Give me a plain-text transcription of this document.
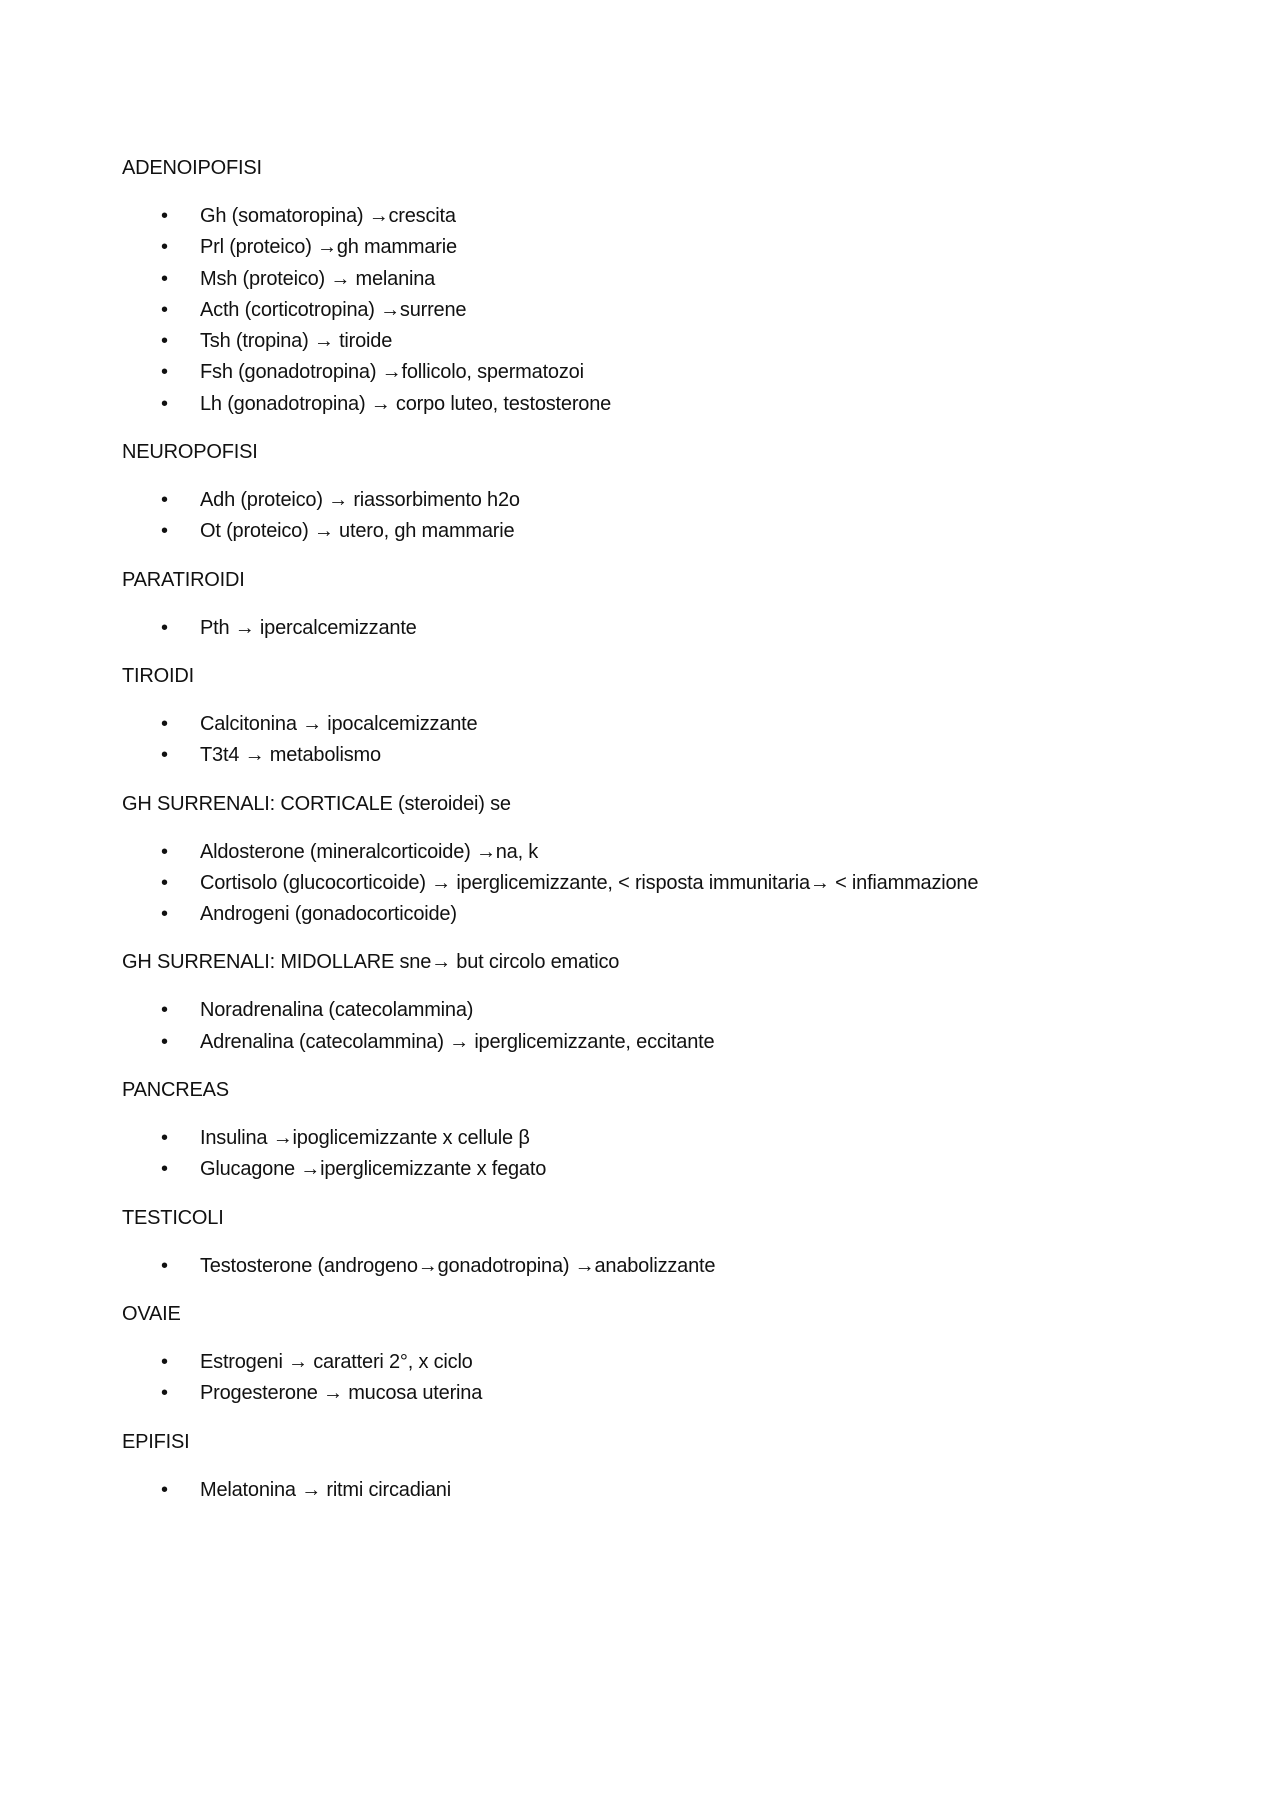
ADENOIPOFISI

• Gh (somatoropina) →crescita
• Prl (proteico) →gh mammarie
• Msh (proteico) → melanina
• Acth (corticotropina) →surrene
• Tsh (tropina) → tiroide
• Fsh (gonadotropina) →follicolo, spermatozoi
• Lh (gonadotropina) → corpo luteo, testosterone

NEUROPOFISI

• Adh (proteico) → riassorbimento h2o
• Ot (proteico) → utero, gh mammarie

PARATIROIDI

• Pth → ipercalcemizzante

TIROIDI

• Calcitonina → ipocalcemizzante
• T3t4 → metabolismo

GH SURRENALI: CORTICALE (steroidei) se

• Aldosterone (mineralcorticoide) →na, k
• Cortisolo (glucocorticoide) → iperglicemizzante, < risposta immunitaria→ < infiammazione
• Androgeni (gonadocorticoide)

GH SURRENALI: MIDOLLARE sne→ but circolo ematico

• Noradrenalina (catecolammina)
• Adrenalina (catecolammina) → iperglicemizzante, eccitante

PANCREAS

• Insulina →ipoglicemizzante x cellule β
• Glucagone →iperglicemizzante x fegato

TESTICOLI

• Testosterone (androgeno→gonadotropina) →anabolizzante

OVAIE

• Estrogeni → caratteri 2°, x ciclo
• Progesterone → mucosa uterina

EPIFISI

• Melatonina → ritmi circadiani
